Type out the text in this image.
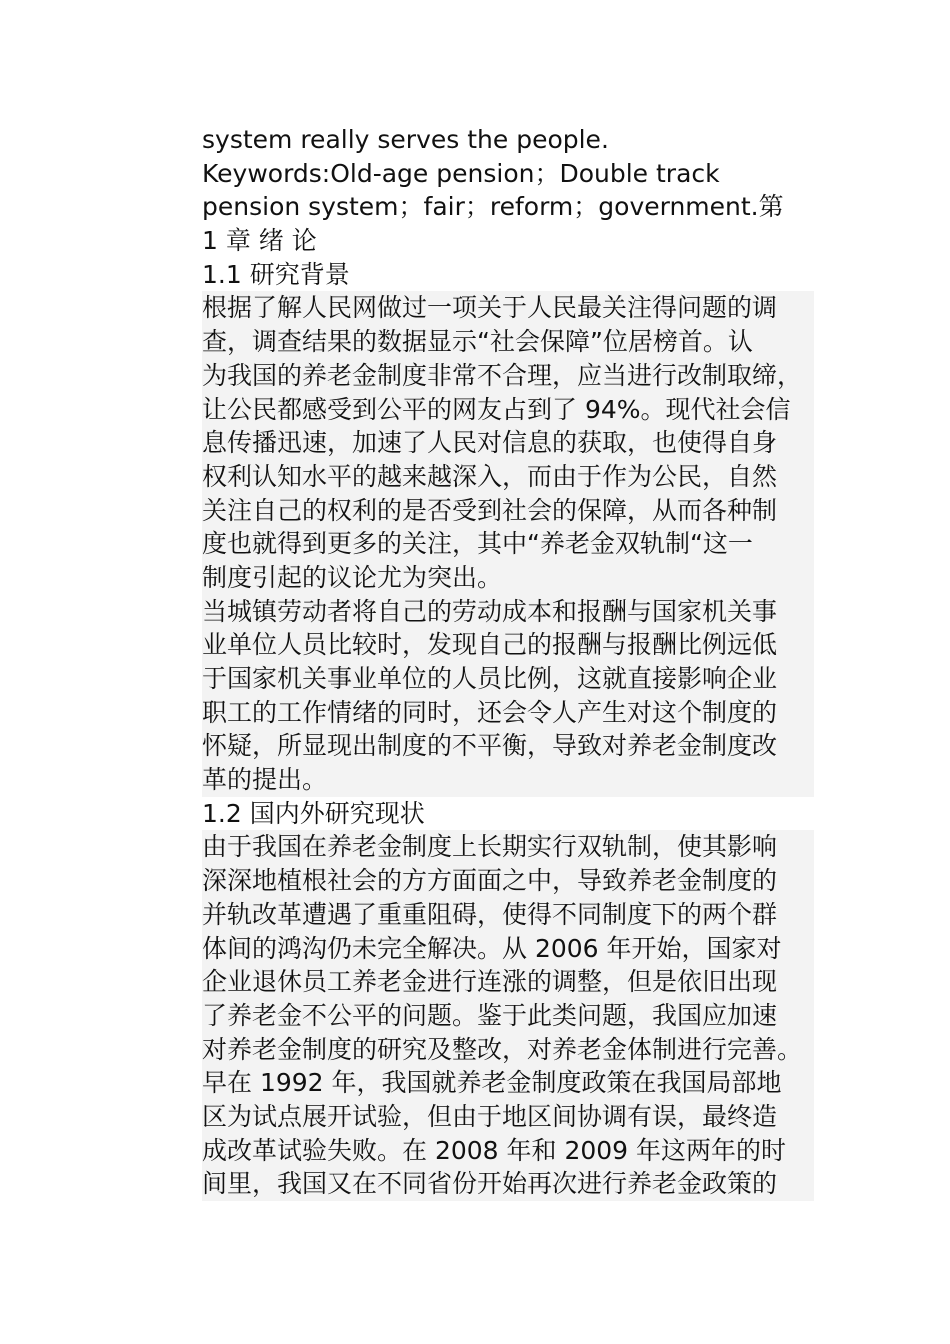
system really serves the people.
Keywords:Old-age pension；Double track
pension system；fair；reform；government.第
1 章 绪 论
1.1 研究背景
根据了解人民网做过一项关于人民最关注得问题的调
查，调查结果的数据显示“社会保障”位居榜首。认
为我国的养老金制度非常不合理，应当进行改制取缔，
让公民都感受到公平的网友占到了 94%。现代社会信
息传播迅速，加速了人民对信息的获取，也使得自身
权利认知水平的越来越深入，而由于作为公民，自然
关注自己的权利的是否受到社会的保障，从而各种制
度也就得到更多的关注，其中“养老金双轨制“这一
制度引起的议论尤为突出。
当城镇劳动者将自己的劳动成本和报酬与国家机关事
业单位人员比较时，发现自己的报酬与报酬比例远低
于国家机关事业单位的人员比例，这就直接影响企业
职工的工作情绪的同时，还会令人产生对这个制度的
怀疑，所显现出制度的不平衡，导致对养老金制度改
革的提出。
1.2 国内外研究现状
由于我国在养老金制度上长期实行双轨制，使其影响
深深地植根社会的方方面面之中，导致养老金制度的
并轨改革遭遇了重重阻碍，使得不同制度下的两个群
体间的鸿沟仍未完全解决。从 2006 年开始，国家对
企业退休员工养老金进行连涨的调整，但是依旧出现
了养老金不公平的问题。鉴于此类问题，我国应加速
对养老金制度的研究及整改，对养老金体制进行完善。
早在 1992 年，我国就养老金制度政策在我国局部地
区为试点展开试验，但由于地区间协调有误，最终造
成改革试验失败。在 2008 年和 2009 年这两年的时
间里，我国又在不同省份开始再次进行养老金政策的
